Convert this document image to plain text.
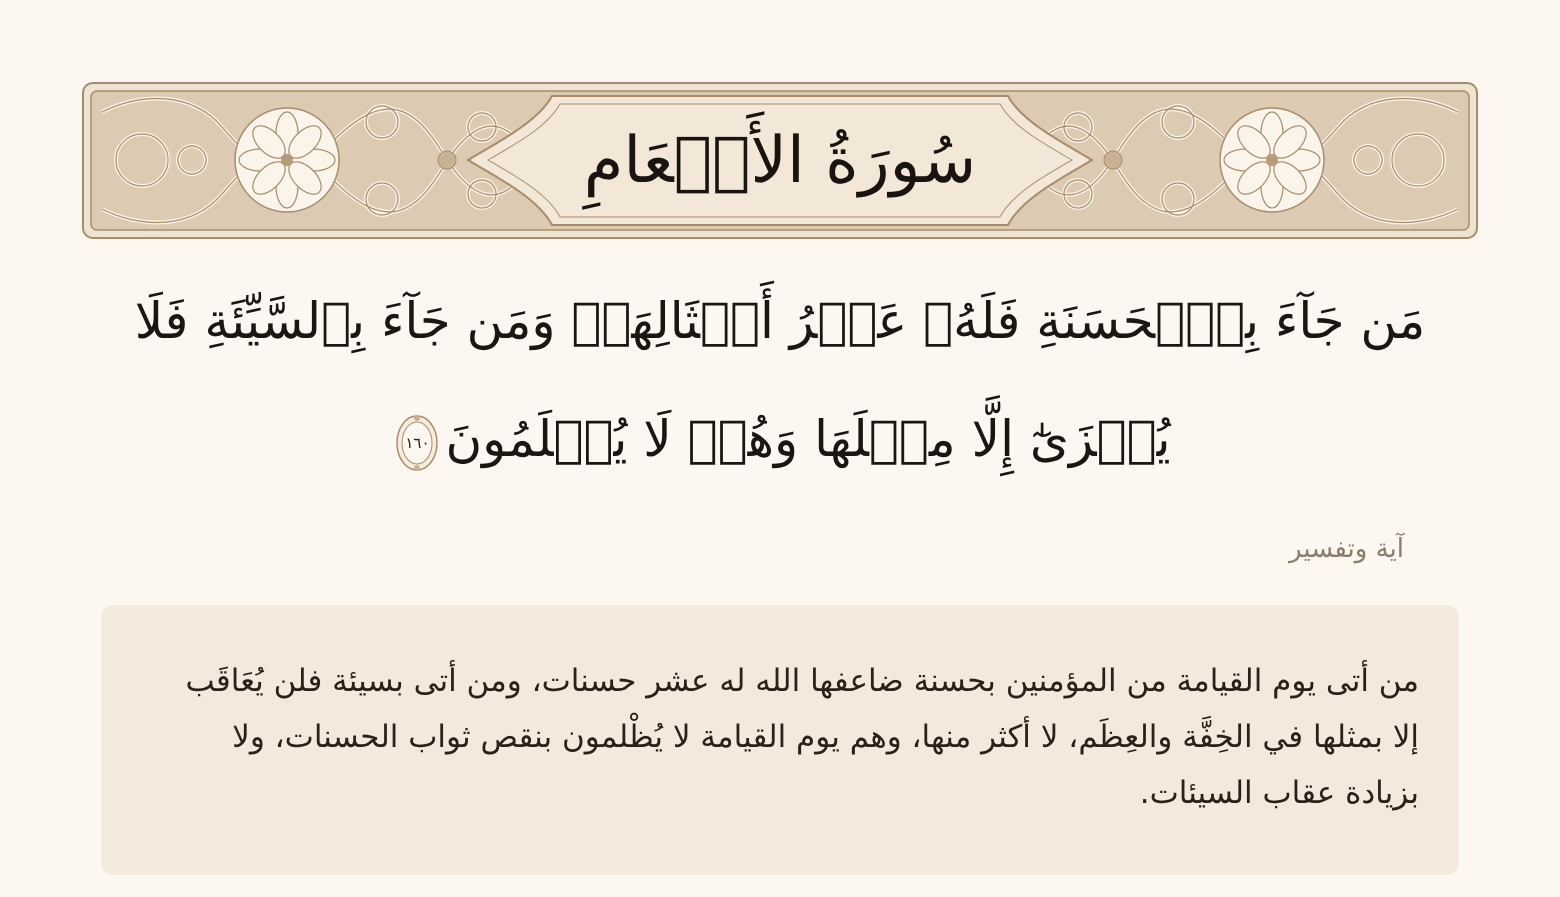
سُورَةُ الأَنۡعَامِ
مَن جَآءَ بِٱلۡحَسَنَةِ فَلَهُۥ عَشۡرُ أَمۡثَالِهَاۖ وَمَن جَآءَ بِٱلسَّيِّئَةِ فَلَا يُجۡزَىٰٓ إِلَّا مِثۡلَهَا وَهُمۡ لَا يُظۡلَمُونَ
١٦٠
آية وتفسير
من أتى يوم القيامة من المؤمنين بحسنة ضاعفها الله له عشر حسنات، ومن أتى بسيئة فلن يُعَاقَب إلا بمثلها في الخِفَّة والعِظَم، لا أكثر منها، وهم يوم القيامة لا يُظْلمون بنقص ثواب الحسنات، ولا بزيادة عقاب السيئات.
